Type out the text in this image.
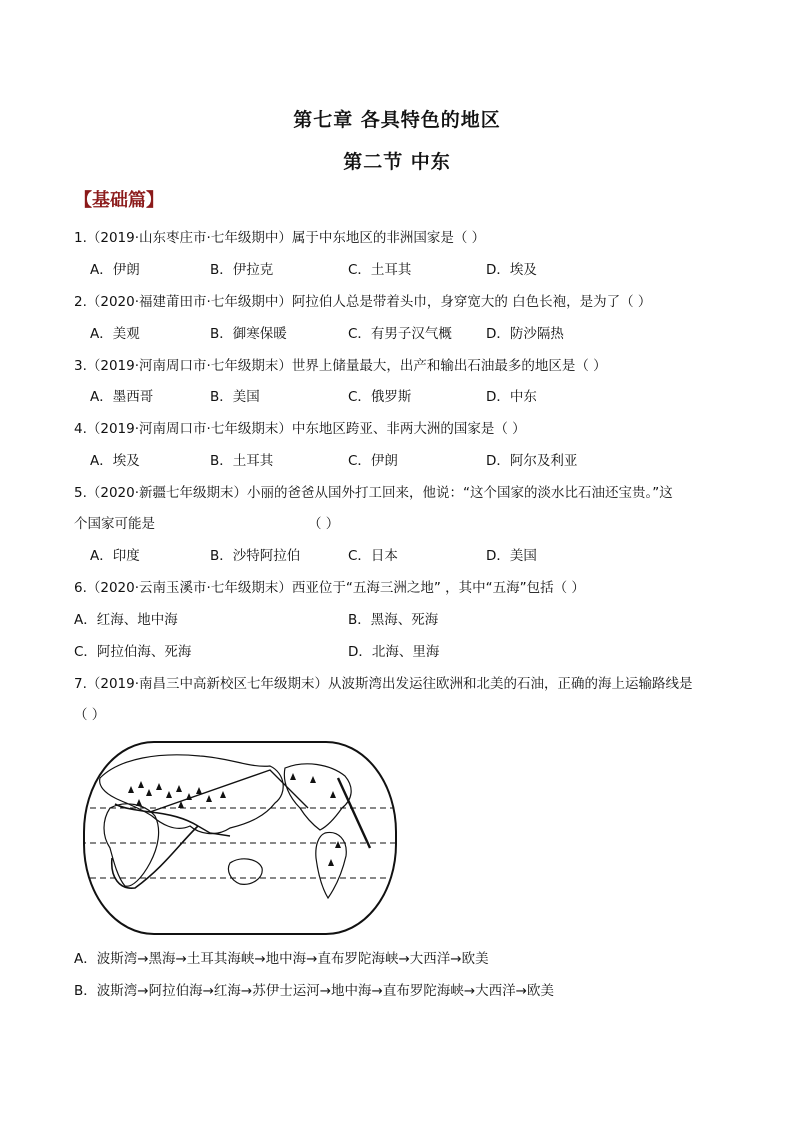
第七章 各具特色的地区
第二节 中东
【基础篇】
1.（2019·山东枣庄市·七年级期中）属于中东地区的非洲国家是（ ）
A．伊朗	B．伊拉克	C．土耳其	D．埃及
2.（2020·福建莆田市·七年级期中）阿拉伯人总是带着头巾，身穿宽大的 白色长袍，是为了（ ）
A．美观	B．御寒保暖	C．有男子汉气概	D．防沙隔热
3.（2019·河南周口市·七年级期末）世界上储量最大，出产和输出石油最多的地区是（ ）
A．墨西哥	B．美国	C．俄罗斯	D．中东
4.（2019·河南周口市·七年级期末）中东地区跨亚、非两大洲的国家是（ ）
A．埃及	B．土耳其	C．伊朗	D．阿尔及利亚
5.（2020·新疆七年级期末）小丽的爸爸从国外打工回来，他说：“这个国家的淡水比石油还宝贵。”这
个国家可能是	（ ）
A．印度	B．沙特阿拉伯	C．日本	D．美国
6.（2020·云南玉溪市·七年级期末）西亚位于“五海三洲之地” ，其中“五海”包括（ ）
A．红海、地中海	B．黑海、死海
C．阿拉伯海、死海	D．北海、里海
7.（2019·南昌三中高新校区七年级期末）从波斯湾出发运往欧洲和北美的石油，正确的海上运输路线是
（ ）
A．波斯湾→黑海→土耳其海峡→地中海→直布罗陀海峡→大西洋→欧美
B．波斯湾→阿拉伯海→红海→苏伊士运河→地中海→直布罗陀海峡→大西洋→欧美
